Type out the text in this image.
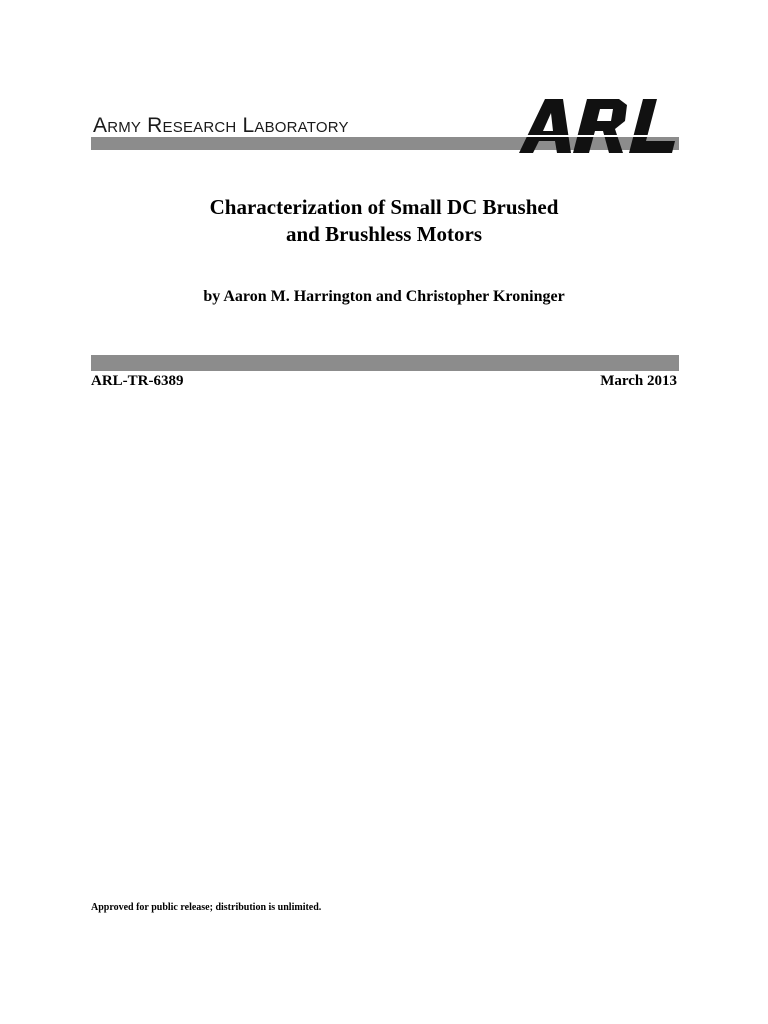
Army Research Laboratory
Characterization of Small DC Brushed
and Brushless Motors
by Aaron M. Harrington and Christopher Kroninger
ARL-TR-6389	March 2013
Approved for public release; distribution is unlimited.
